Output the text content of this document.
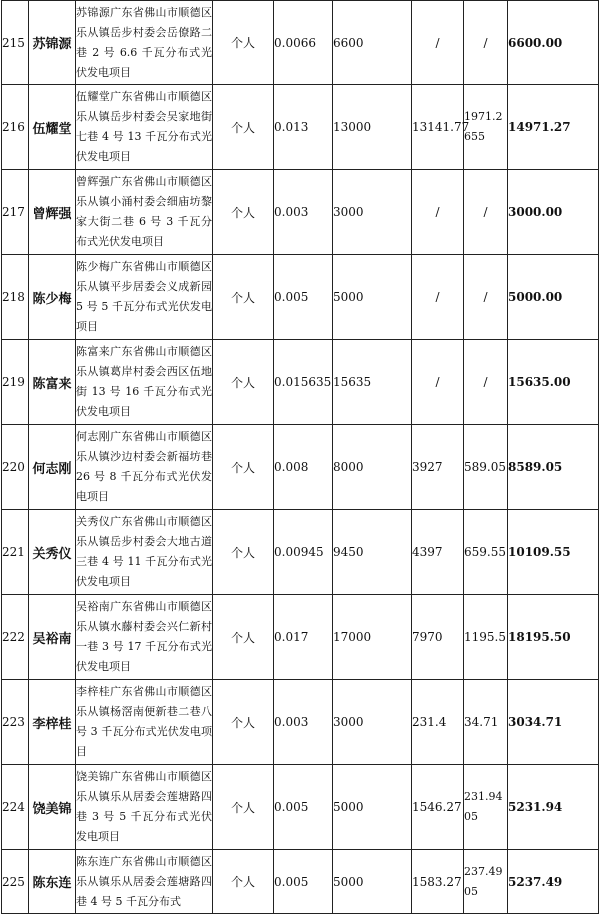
215	苏锦源	苏锦源广东省佛山市顺德区乐从镇岳步村委会岳僚路二巷 2 号 6.6 千瓦分布式光伏发电项目	个人	0.0066	6600	/	/	6600.00
216	伍耀堂	伍耀堂广东省佛山市顺德区乐从镇岳步村委会吴家地街七巷 4 号 13 千瓦分布式光伏发电项目	个人	0.013	13000	13141.77	1971.2655	14971.27
217	曾辉强	曾辉强广东省佛山市顺德区乐从镇小涌村委会细庙坊黎家大街二巷 6 号 3 千瓦分布式光伏发电项目	个人	0.003	3000	/	/	3000.00
218	陈少梅	陈少梅广东省佛山市顺德区乐从镇平步居委会义成新园 5 号 5 千瓦分布式光伏发电项目	个人	0.005	5000	/	/	5000.00
219	陈富来	陈富来广东省佛山市顺德区乐从镇葛岸村委会西区伍地街 13 号 16 千瓦分布式光伏发电项目	个人	0.015635	15635	/	/	15635.00
220	何志刚	何志刚广东省佛山市顺德区乐从镇沙边村委会新福坊巷 26 号 8 千瓦分布式光伏发电项目	个人	0.008	8000	3927	589.05	8589.05
221	关秀仪	关秀仪广东省佛山市顺德区乐从镇岳步村委会大地古道三巷 4 号 11 千瓦分布式光伏发电项目	个人	0.00945	9450	4397	659.55	10109.55
222	吴裕南	吴裕南广东省佛山市顺德区乐从镇水藤村委会兴仁新村一巷 3 号 17 千瓦分布式光伏发电项目	个人	0.017	17000	7970	1195.5	18195.50
223	李梓桂	李梓桂广东省佛山市顺德区乐从镇杨滘南便新巷二巷八号 3 千瓦分布式光伏发电项目	个人	0.003	3000	231.4	34.71	3034.71
224	饶美锦	饶美锦广东省佛山市顺德区乐从镇乐从居委会莲塘路四巷 3 号 5 千瓦分布式光伏发电项目	个人	0.005	5000	1546.27	231.9405	5231.94
225	陈东连	陈东连广东省佛山市顺德区乐从镇乐从居委会莲塘路四巷 4 号 5 千瓦分布式	个人	0.005	5000	1583.27	237.4905	5237.49
